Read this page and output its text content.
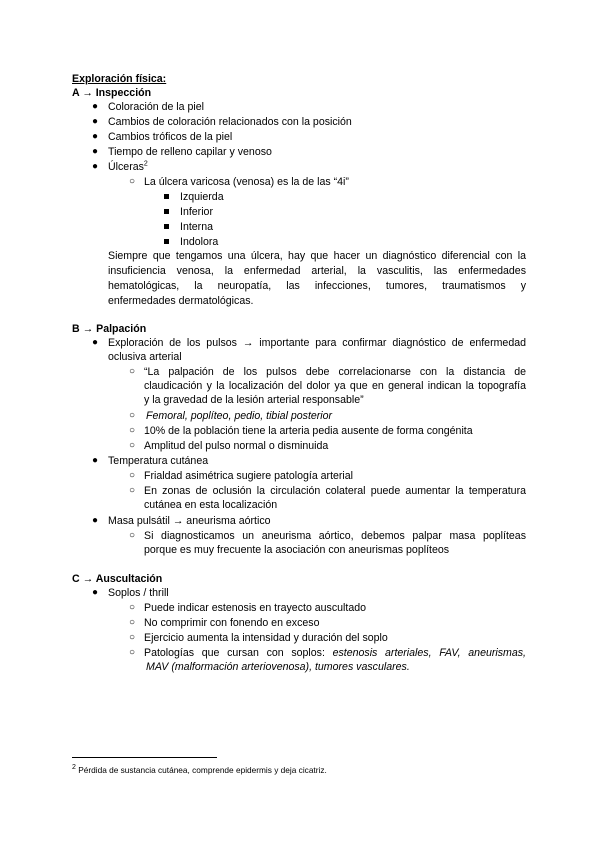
Exploración física:
A → Inspección
● Coloración de la piel
● Cambios de coloración relacionados con la posición
● Cambios tróficos de la piel
● Tiempo de relleno capilar y venoso
● Úlceras$^2$
○ La úlcera varicosa (venosa) es la de las “4i”
Izquierda
Inferior
Interna
Indolora
Siempre que tengamos una úlcera, hay que hacer un diagnóstico diferencial con la
insuficiencia venosa, la enfermedad arterial, la vasculitis, las enfermedades
hematológicas, la neuropatía, las infecciones, tumores, traumatismos y
enfermedades dermatológicas.
B → Palpación
● Exploración de los pulsos → importante para confirmar diagnóstico de enfermedad
oclusiva arterial
○ “La palpación de los pulsos debe correlacionarse con la distancia de
claudicación y la localización del dolor ya que en general indican la topografía
y la gravedad de la lesión arterial responsable”
○ Femoral, poplíteo, pedio, tibial posterior
○ 10% de la población tiene la arteria pedia ausente de forma congénita
○ Amplitud del pulso normal o disminuida
● Temperatura cutánea
○ Frialdad asimétrica sugiere patología arterial
○ En zonas de oclusión la circulación colateral puede aumentar la temperatura
cutánea en esta localización
● Masa pulsátil → aneurisma aórtico
○ Si diagnosticamos un aneurisma aórtico, debemos palpar masa poplíteas
porque es muy frecuente la asociación con aneurismas poplíteos
C → Auscultación
● Soplos / thrill
○ Puede indicar estenosis en trayecto auscultado
○ No comprimir con fonendo en exceso
○ Ejercicio aumenta la intensidad y duración del soplo
○ Patologías que cursan con soplos: estenosis arteriales, FAV, aneurismas,
MAV (malformación arteriovenosa), tumores vasculares.
$^2$ Pérdida de sustancia cutánea, comprende epidermis y deja cicatriz.
